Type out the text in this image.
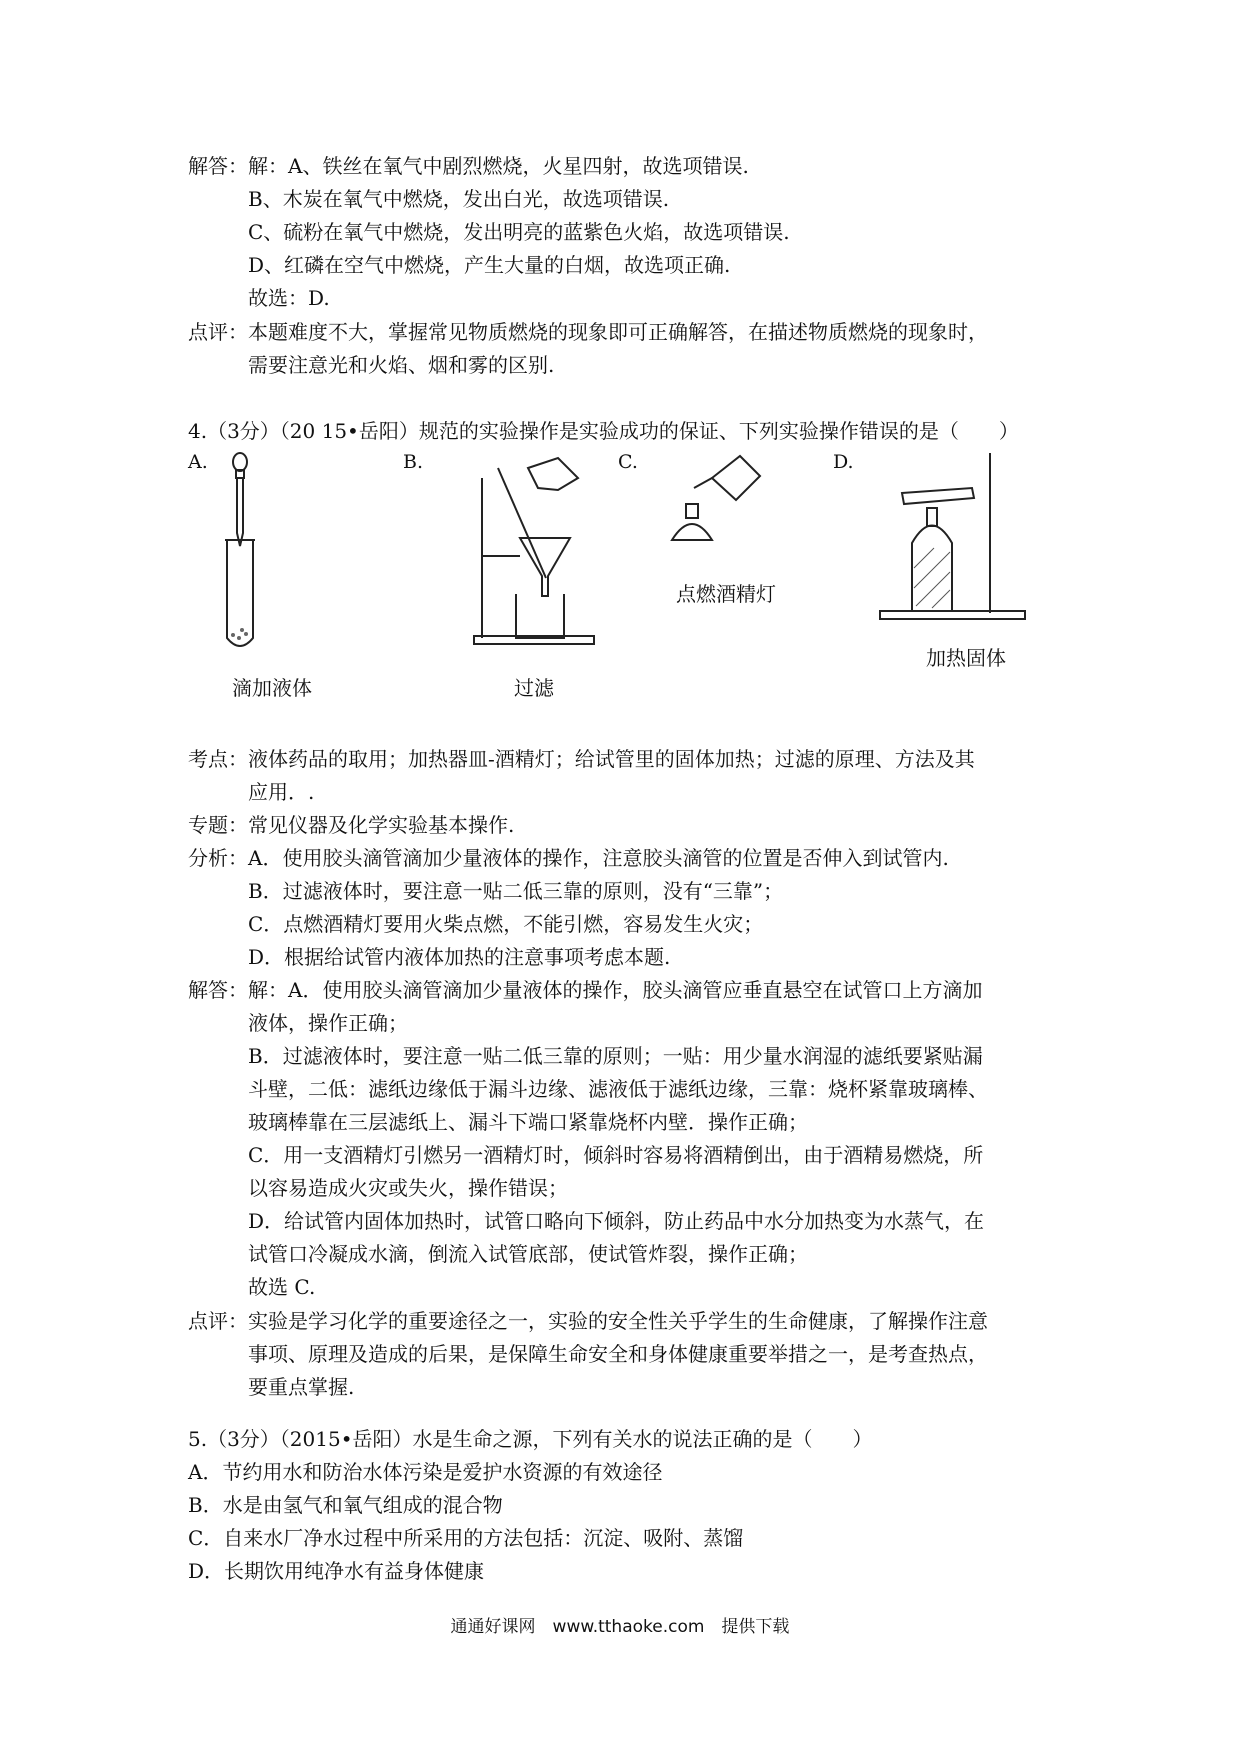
解答： 解：A、铁丝在氧气中剧烈燃烧，火星四射，故选项错误.
B、木炭在氧气中燃烧，发出白光，故选项错误.
C、硫粉在氧气中燃烧，发出明亮的蓝紫色火焰，故选项错误.
D、红磷在空气中燃烧，产生大量的白烟，故选项正确.
故选：D.
点评： 本题难度不大，掌握常见物质燃烧的现象即可正确解答，在描述物质燃烧的现象时，
需要注意光和火焰、烟和雾的区别.
4.（3分）（20 15•岳阳）规范的实验操作是实验成功的保证、下列实验操作错误的是（　　）
A.	B.	C.	D.
滴加液体	过滤
点燃酒精灯
加热固体
考点： 液体药品的取用；加热器皿-酒精灯；给试管里的固体加热；过滤的原理、方法及其
应用．.
专题： 常见仪器及化学实验基本操作.
分析： A．使用胶头滴管滴加少量液体的操作，注意胶头滴管的位置是否伸入到试管内.
B．过滤液体时，要注意一贴二低三靠的原则，没有“三靠”；
C．点燃酒精灯要用火柴点燃，不能引燃，容易发生火灾；
D．根据给试管内液体加热的注意事项考虑本题.
解答： 解：A．使用胶头滴管滴加少量液体的操作，胶头滴管应垂直悬空在试管口上方滴加
液体，操作正确；
B．过滤液体时，要注意一贴二低三靠的原则；一贴：用少量水润湿的滤纸要紧贴漏
斗壁，二低：滤纸边缘低于漏斗边缘、滤液低于滤纸边缘，三靠：烧杯紧靠玻璃棒、
玻璃棒靠在三层滤纸上、漏斗下端口紧靠烧杯内壁．操作正确；
C．用一支酒精灯引燃另一酒精灯时，倾斜时容易将酒精倒出，由于酒精易燃烧，所
以容易造成火灾或失火，操作错误；
D．给试管内固体加热时，试管口略向下倾斜，防止药品中水分加热变为水蒸气，在
试管口冷凝成水滴，倒流入试管底部，使试管炸裂，操作正确；
故选 C.
点评： 实验是学习化学的重要途径之一，实验的安全性关乎学生的生命健康，了解操作注意
事项、原理及造成的后果，是保障生命安全和身体健康重要举措之一，是考查热点，
要重点掌握.
5.（3分）（2015•岳阳）水是生命之源，下列有关水的说法正确的是（　　）
A．节约用水和防治水体污染是爱护水资源的有效途径
B．水是由氢气和氧气组成的混合物
C．自来水厂净水过程中所采用的方法包括：沉淀、吸附、蒸馏
D．长期饮用纯净水有益身体健康
通通好课网　www.tthaoke.com　提供下载
